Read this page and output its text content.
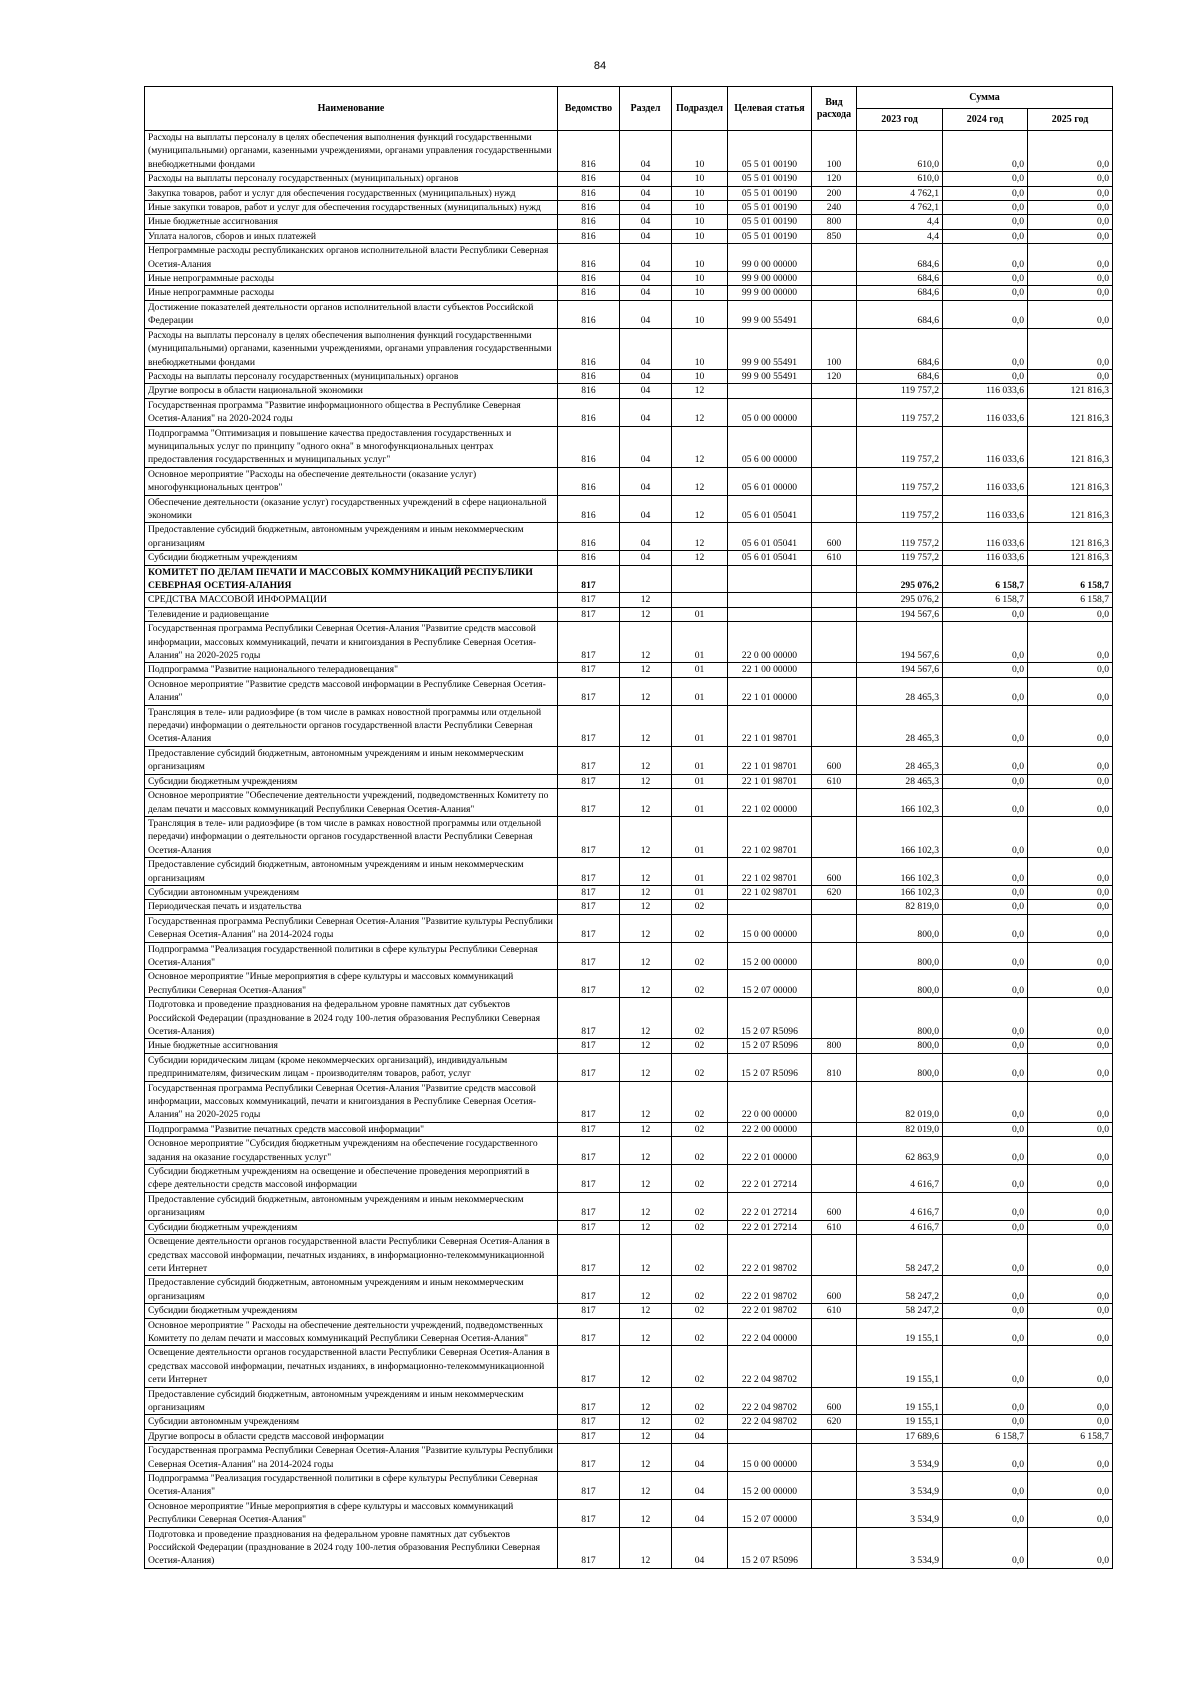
84
Наименование	Ведомство	Раздел	Подраздел	Целевая статья	Вид расхода	Сумма		
						2023 год	2024 год	2025 год
Расходы на выплаты персоналу в целях обеспечения выполнения функций государственными (муниципальными) органами, казенными учреждениями, органами управления государственными внебюджетными фондами	816	04	10	05 5 01 00190	100	610,0	0,0	0,0
Расходы на выплаты персоналу государственных (муниципальных) органов	816	04	10	05 5 01 00190	120	610,0	0,0	0,0
Закупка товаров, работ и услуг для обеспечения государственных (муниципальных) нужд	816	04	10	05 5 01 00190	200	4 762,1	0,0	0,0
Иные закупки товаров, работ и услуг для обеспечения государственных (муниципальных) нужд	816	04	10	05 5 01 00190	240	4 762,1	0,0	0,0
Иные бюджетные ассигнования	816	04	10	05 5 01 00190	800	4,4	0,0	0,0
Уплата налогов, сборов и иных платежей	816	04	10	05 5 01 00190	850	4,4	0,0	0,0
Непрограммные расходы республиканских органов исполнительной власти Республики Северная Осетия-Алания	816	04	10	99 0 00 00000		684,6	0,0	0,0
Иные непрограммные расходы	816	04	10	99 9 00 00000		684,6	0,0	0,0
Иные непрограммные расходы	816	04	10	99 9 00 00000		684,6	0,0	0,0
Достижение показателей деятельности органов исполнительной власти субъектов Российской Федерации	816	04	10	99 9 00 55491		684,6	0,0	0,0
Расходы на выплаты персоналу в целях обеспечения выполнения функций государственными (муниципальными) органами, казенными учреждениями, органами управления государственными внебюджетными фондами	816	04	10	99 9 00 55491	100	684,6	0,0	0,0
Расходы на выплаты персоналу государственных (муниципальных) органов	816	04	10	99 9 00 55491	120	684,6	0,0	0,0
Другие вопросы в области национальной экономики	816	04	12			119 757,2	116 033,6	121 816,3
Государственная программа "Развитие информационного общества в Республике Северная Осетия-Алания" на 2020-2024 годы	816	04	12	05 0 00 00000		119 757,2	116 033,6	121 816,3
Подпрограмма "Оптимизация и повышение качества предоставления государственных и муниципальных услуг по принципу "одного окна" в многофункциональных центрах предоставления государственных и муниципальных услуг"	816	04	12	05 6 00 00000		119 757,2	116 033,6	121 816,3
Основное мероприятие "Расходы на обеспечение деятельности (оказание услуг) многофункциональных центров"	816	04	12	05 6 01 00000		119 757,2	116 033,6	121 816,3
Обеспечение деятельности (оказание услуг) государственных учреждений в сфере национальной экономики	816	04	12	05 6 01 05041		119 757,2	116 033,6	121 816,3
Предоставление субсидий бюджетным, автономным учреждениям и иным некоммерческим организациям	816	04	12	05 6 01 05041	600	119 757,2	116 033,6	121 816,3
Субсидии бюджетным учреждениям	816	04	12	05 6 01 05041	610	119 757,2	116 033,6	121 816,3
КОМИТЕТ ПО ДЕЛАМ ПЕЧАТИ И МАССОВЫХ КОММУНИКАЦИЙ РЕСПУБЛИКИ СЕВЕРНАЯ ОСЕТИЯ-АЛАНИЯ	817					295 076,2	6 158,7	6 158,7
СРЕДСТВА МАССОВОЙ ИНФОРМАЦИИ	817	12				295 076,2	6 158,7	6 158,7
Телевидение и радиовещание	817	12	01			194 567,6	0,0	0,0
Государственная программа Республики Северная Осетия-Алания "Развитие средств массовой информации, массовых коммуникаций, печати и книгоиздания в Республике Северная Осетия-Алания" на 2020-2025 годы	817	12	01	22 0 00 00000		194 567,6	0,0	0,0
Подпрограмма "Развитие национального телерадиовещания"	817	12	01	22 1 00 00000		194 567,6	0,0	0,0
Основное мероприятие "Развитие средств массовой информации в Республике Северная Осетия-Алания"	817	12	01	22 1 01 00000		28 465,3	0,0	0,0
Трансляция в теле- или радиоэфире (в том числе в рамках новостной программы или отдельной передачи) информации о деятельности органов государственной власти Республики Северная Осетия-Алания	817	12	01	22 1 01 98701		28 465,3	0,0	0,0
Предоставление субсидий бюджетным, автономным учреждениям и иным некоммерческим организациям	817	12	01	22 1 01 98701	600	28 465,3	0,0	0,0
Субсидии бюджетным учреждениям	817	12	01	22 1 01 98701	610	28 465,3	0,0	0,0
Основное мероприятие "Обеспечение деятельности учреждений, подведомственных Комитету по делам печати и массовых коммуникаций Республики Северная Осетия-Алания"	817	12	01	22 1 02 00000		166 102,3	0,0	0,0
Трансляция в теле- или радиоэфире (в том числе в рамках новостной программы или отдельной передачи) информации о деятельности органов государственной власти Республики Северная Осетия-Алания	817	12	01	22 1 02 98701		166 102,3	0,0	0,0
Предоставление субсидий бюджетным, автономным учреждениям и иным некоммерческим организациям	817	12	01	22 1 02 98701	600	166 102,3	0,0	0,0
Субсидии автономным учреждениям	817	12	01	22 1 02 98701	620	166 102,3	0,0	0,0
Периодическая печать и издательства	817	12	02			82 819,0	0,0	0,0
Государственная программа Республики Северная Осетия-Алания "Развитие культуры Республики Северная Осетия-Алания" на 2014-2024 годы	817	12	02	15 0 00 00000		800,0	0,0	0,0
Подпрограмма "Реализация государственной политики в сфере культуры Республики Северная Осетия-Алания"	817	12	02	15 2 00 00000		800,0	0,0	0,0
Основное мероприятие "Иные мероприятия в сфере культуры и массовых коммуникаций Республики Северная Осетия-Алания"	817	12	02	15 2 07 00000		800,0	0,0	0,0
Подготовка и проведение празднования на федеральном уровне памятных дат субъектов Российской Федерации (празднование в 2024 году 100-летия образования Республики Северная Осетия-Алания)	817	12	02	15 2 07 R5096		800,0	0,0	0,0
Иные бюджетные ассигнования	817	12	02	15 2 07 R5096	800	800,0	0,0	0,0
Субсидии юридическим лицам (кроме некоммерческих организаций), индивидуальным предпринимателям, физическим лицам - производителям товаров, работ, услуг	817	12	02	15 2 07 R5096	810	800,0	0,0	0,0
Государственная программа Республики Северная Осетия-Алания "Развитие средств массовой информации, массовых коммуникаций, печати и книгоиздания в Республике Северная Осетия-Алания" на 2020-2025 годы	817	12	02	22 0 00 00000		82 019,0	0,0	0,0
Подпрограмма "Развитие печатных средств массовой информации"	817	12	02	22 2 00 00000		82 019,0	0,0	0,0
Основное мероприятие "Субсидия бюджетным учреждениям на обеспечение государственного задания на оказание государственных услуг"	817	12	02	22 2 01 00000		62 863,9	0,0	0,0
Субсидии бюджетным учреждениям на освещение и обеспечение проведения мероприятий в сфере деятельности средств массовой информации	817	12	02	22 2 01 27214		4 616,7	0,0	0,0
Предоставление субсидий бюджетным, автономным учреждениям и иным некоммерческим организациям	817	12	02	22 2 01 27214	600	4 616,7	0,0	0,0
Субсидии бюджетным учреждениям	817	12	02	22 2 01 27214	610	4 616,7	0,0	0,0
Освещение деятельности органов государственной власти Республики Северная Осетия-Алания в средствах массовой информации, печатных изданиях, в информационно-телекоммуникационной сети Интернет	817	12	02	22 2 01 98702		58 247,2	0,0	0,0
Предоставление субсидий бюджетным, автономным учреждениям и иным некоммерческим организациям	817	12	02	22 2 01 98702	600	58 247,2	0,0	0,0
Субсидии бюджетным учреждениям	817	12	02	22 2 01 98702	610	58 247,2	0,0	0,0
Основное мероприятие " Расходы на обеспечение деятельности учреждений, подведомственных Комитету по делам печати и массовых коммуникаций Республики Северная Осетия-Алания"	817	12	02	22 2 04 00000		19 155,1	0,0	0,0
Освещение деятельности органов государственной власти Республики Северная Осетия-Алания в средствах массовой информации, печатных изданиях, в информационно-телекоммуникационной сети Интернет	817	12	02	22 2 04 98702		19 155,1	0,0	0,0
Предоставление субсидий бюджетным, автономным учреждениям и иным некоммерческим организациям	817	12	02	22 2 04 98702	600	19 155,1	0,0	0,0
Субсидии автономным учреждениям	817	12	02	22 2 04 98702	620	19 155,1	0,0	0,0
Другие вопросы в области средств массовой информации	817	12	04			17 689,6	6 158,7	6 158,7
Государственная программа Республики Северная Осетия-Алания "Развитие культуры Республики Северная Осетия-Алания" на 2014-2024 годы	817	12	04	15 0 00 00000		3 534,9	0,0	0,0
Подпрограмма "Реализация государственной политики в сфере культуры Республики Северная Осетия-Алания"	817	12	04	15 2 00 00000		3 534,9	0,0	0,0
Основное мероприятие "Иные мероприятия в сфере культуры и массовых коммуникаций Республики Северная Осетия-Алания"	817	12	04	15 2 07 00000		3 534,9	0,0	0,0
Подготовка и проведение празднования на федеральном уровне памятных дат субъектов Российской Федерации (празднование в 2024 году 100-летия образования Республики Северная Осетия-Алания)	817	12	04	15 2 07 R5096		3 534,9	0,0	0,0
